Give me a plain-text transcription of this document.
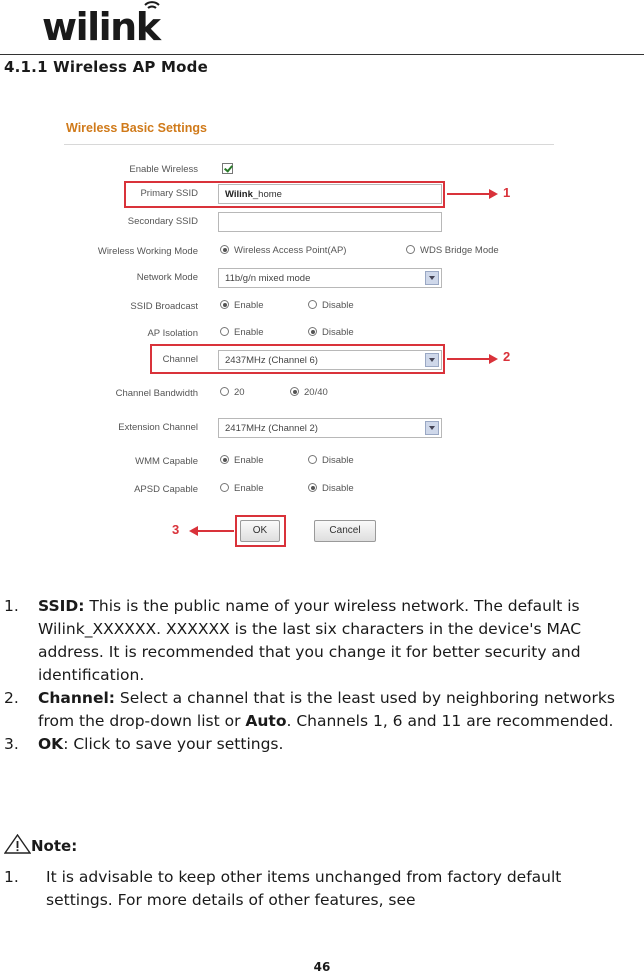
wilink
4.1.1 Wireless AP Mode
Wireless Basic Settings
Enable Wireless
Primary SSID	Wilink_home
Secondary SSID
Wireless Working Mode	Wireless Access Point(AP)	WDS Bridge Mode
Network Mode	11b/g/n mixed mode
SSID Broadcast	Enable	Disable
AP Isolation	Enable	Disable
Channel	2437MHz (Channel 6)
Channel Bandwidth	20	20/40
Extension Channel	2417MHz (Channel 2)
WMM Capable	Enable	Disable
APSD Capable	Enable	Disable
OK	Cancel
1
2
3
1. SSID: This is the public name of your wireless network. The default is Wilink_XXXXXX. XXXXXX is the last six characters in the device's MAC address. It is recommended that you change it for better security and identification.
2. Channel: Select a channel that is the least used by neighboring networks from the drop-down list or Auto. Channels 1, 6 and 11 are recommended.
3. OK: Click to save your settings.
Note:
1. It is advisable to keep other items unchanged from factory default settings. For more details of other features, see
46
